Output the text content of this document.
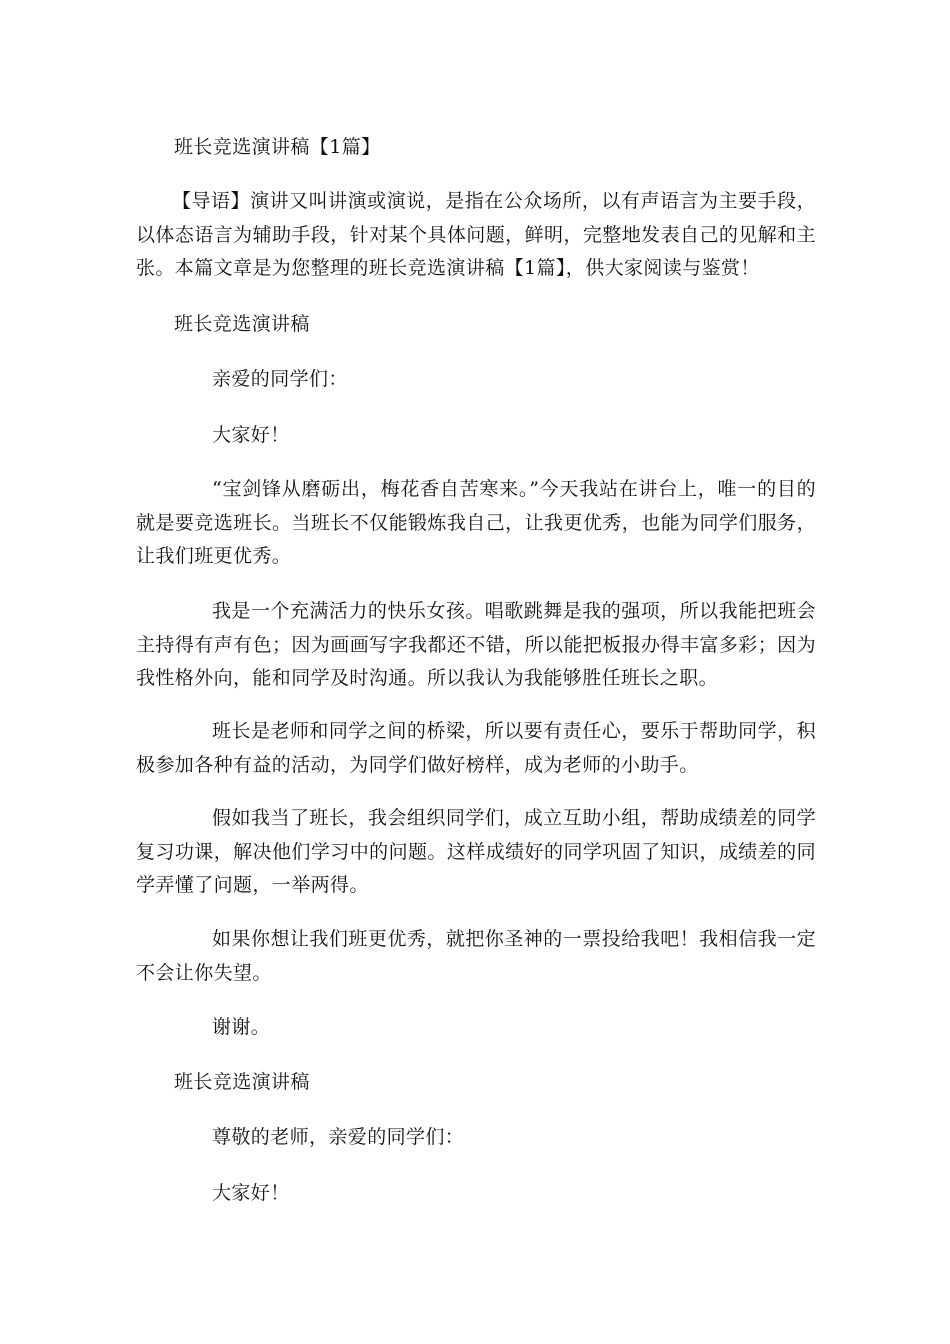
班长竞选演讲稿【1篇】
【导语】演讲又叫讲演或演说，是指在公众场所，以有声语言为主要手段，以体态语言为辅助手段，针对某个具体问题，鲜明，完整地发表自己的见解和主张。本篇文章是为您整理的班长竞选演讲稿【1篇】，供大家阅读与鉴赏！
班长竞选演讲稿
亲爱的同学们：
大家好！
“宝剑锋从磨砺出，梅花香自苦寒来。”今天我站在讲台上，唯一的目的就是要竞选班长。当班长不仅能锻炼我自己，让我更优秀，也能为同学们服务，让我们班更优秀。
我是一个充满活力的快乐女孩。唱歌跳舞是我的强项，所以我能把班会主持得有声有色；因为画画写字我都还不错，所以能把板报办得丰富多彩；因为我性格外向，能和同学及时沟通。所以我认为我能够胜任班长之职。
班长是老师和同学之间的桥梁，所以要有责任心，要乐于帮助同学，积极参加各种有益的活动，为同学们做好榜样，成为老师的小助手。
假如我当了班长，我会组织同学们，成立互助小组，帮助成绩差的同学复习功课，解决他们学习中的问题。这样成绩好的同学巩固了知识，成绩差的同学弄懂了问题，一举两得。
如果你想让我们班更优秀，就把你圣神的一票投给我吧！我相信我一定不会让你失望。
谢谢。
班长竞选演讲稿
尊敬的老师，亲爱的同学们：
大家好！
